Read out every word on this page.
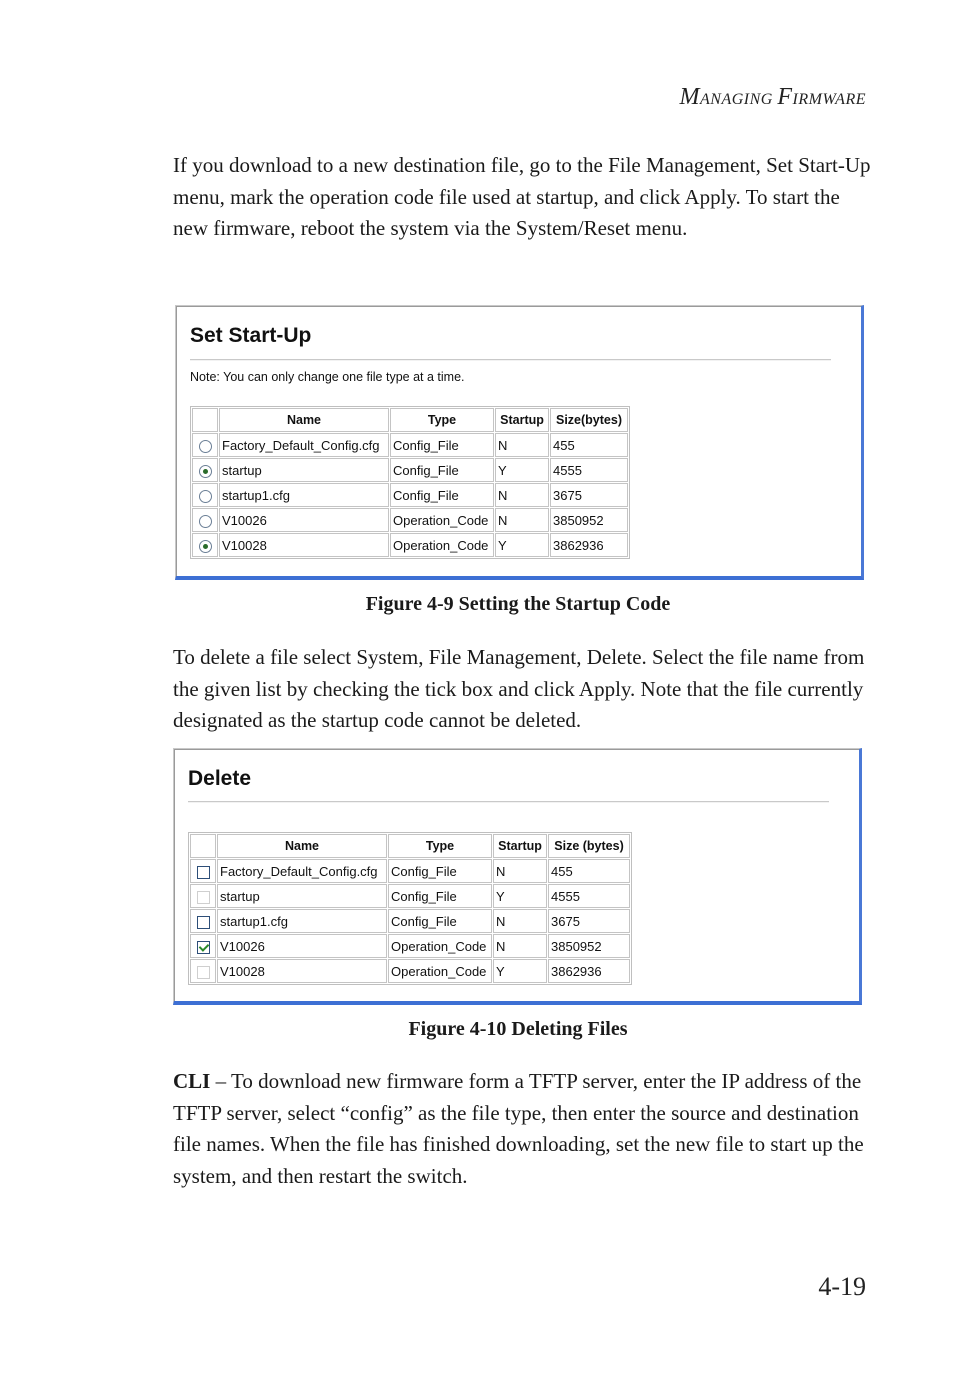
MANAGING FIRMWARE

If you download to a new destination file, go to the File Management, Set Start-Up menu, mark the operation code file used at startup, and click Apply. To start the new firmware, reboot the system via the System/Reset menu.

Set Start-Up
Note: You can only change one file type at a time.
	Name	Type	Startup	Size(bytes)
	Factory_Default_Config.cfg	Config_File	N	455
	startup	Config_File	Y	4555
	startup1.cfg	Config_File	N	3675
	V10026	Operation_Code	N	3850952
	V10028	Operation_Code	Y	3862936
Figure 4-9 Setting the Startup Code

To delete a file select System, File Management, Delete. Select the file name from the given list by checking the tick box and click Apply. Note that the file currently designated as the startup code cannot be deleted.

Delete
	Name	Type	Startup	Size (bytes)
	Factory_Default_Config.cfg	Config_File	N	455
	startup	Config_File	Y	4555
	startup1.cfg	Config_File	N	3675
	V10026	Operation_Code	N	3850952
	V10028	Operation_Code	Y	3862936
Figure 4-10 Deleting Files

CLI – To download new firmware form a TFTP server, enter the IP address of the TFTP server, select “config” as the file type, then enter the source and destination file names. When the file has finished downloading, set the new file to start up the system, and then restart the switch.

4-19
